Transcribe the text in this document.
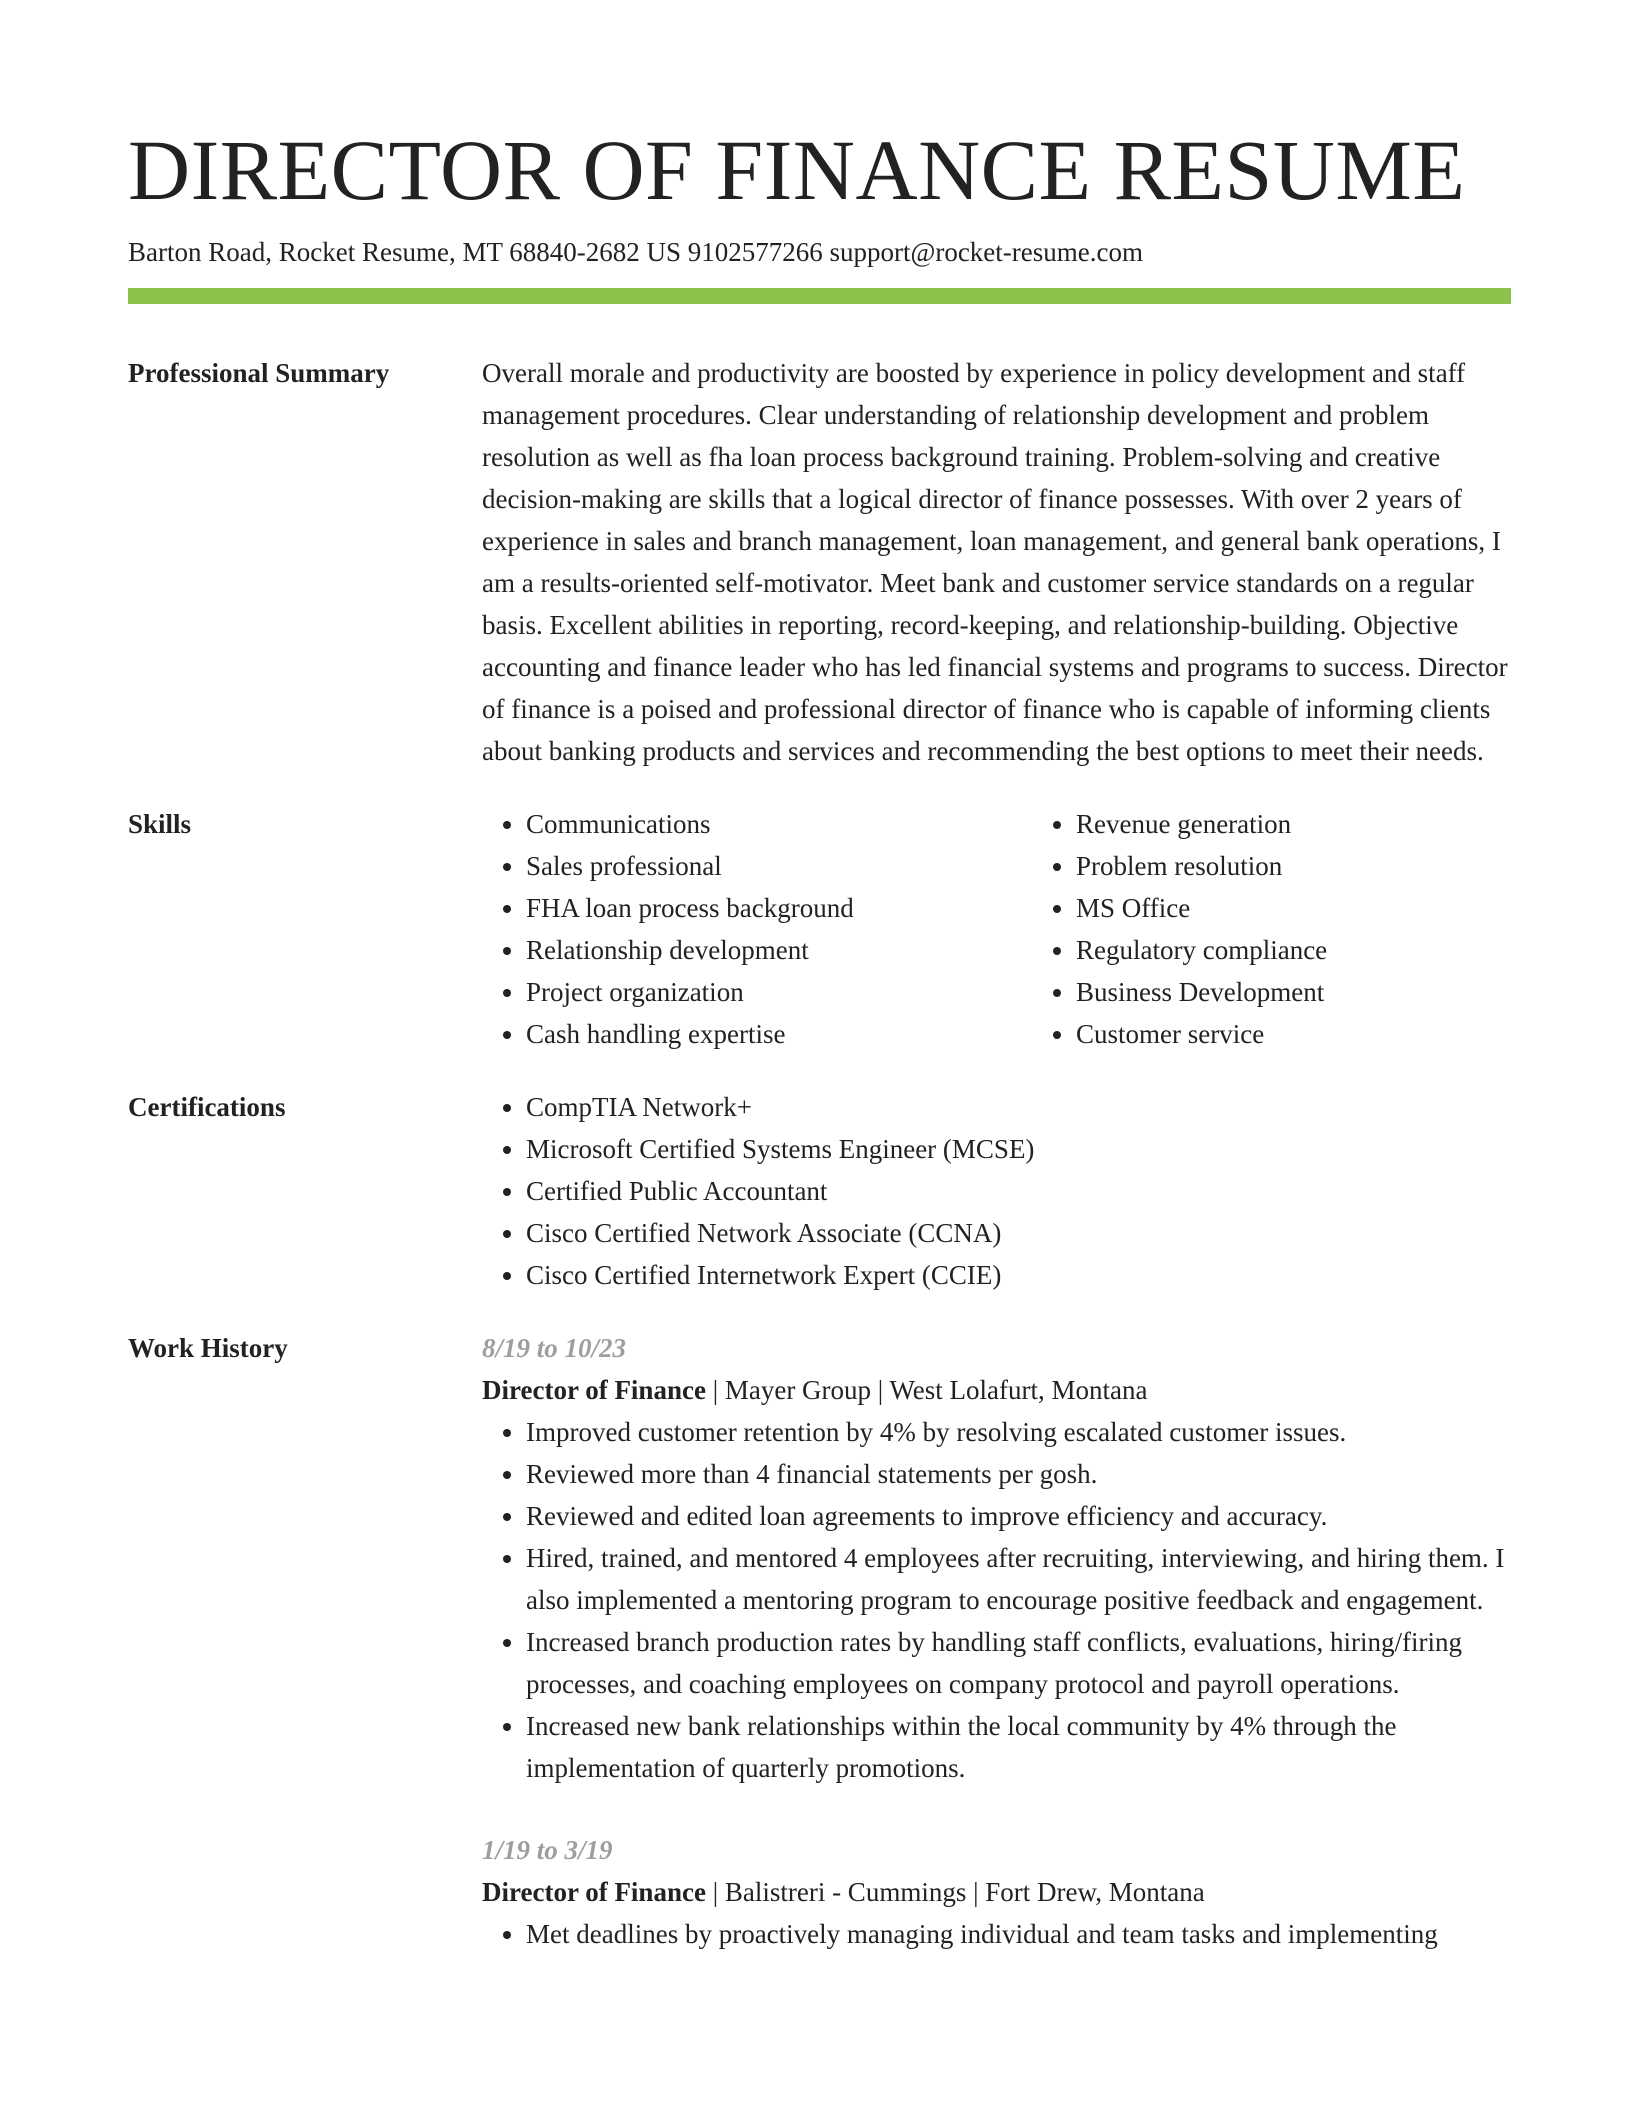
DIRECTOR OF FINANCE RESUME
Barton Road, Rocket Resume, MT 68840-2682 US 9102577266 support@rocket-resume.com
Professional Summary	Overall morale and productivity are boosted by experience in policy development and staff management procedures. Clear understanding of relationship development and problem resolution as well as fha loan process background training. Problem-solving and creative decision-making are skills that a logical director of finance possesses. With over 2 years of experience in sales and branch management, loan management, and general bank operations, I am a results-oriented self-motivator. Meet bank and customer service standards on a regular basis. Excellent abilities in reporting, record-keeping, and relationship-building. Objective accounting and finance leader who has led financial systems and programs to success. Director of finance is a poised and professional director of finance who is capable of informing clients about banking products and services and recommending the best options to meet their needs.

Skills	• Communications
• Sales professional
• FHA loan process background
• Relationship development
• Project organization
• Cash handling expertise
• Revenue generation
• Problem resolution
• MS Office
• Regulatory compliance
• Business Development
• Customer service
Certifications	• CompTIA Network+
• Microsoft Certified Systems Engineer (MCSE)
• Certified Public Accountant
• Cisco Certified Network Associate (CCNA)
• Cisco Certified Internetwork Expert (CCIE)
Work History	8/19 to 10/23
Director of Finance | Mayer Group | West Lolafurt, Montana
• Improved customer retention by 4% by resolving escalated customer issues.
• Reviewed more than 4 financial statements per gosh.
• Reviewed and edited loan agreements to improve efficiency and accuracy.
• Hired, trained, and mentored 4 employees after recruiting, interviewing, and hiring them. I also implemented a mentoring program to encourage positive feedback and engagement.
• Increased branch production rates by handling staff conflicts, evaluations, hiring/firing processes, and coaching employees on company protocol and payroll operations.
• Increased new bank relationships within the local community by 4% through the implementation of quarterly promotions.
1/19 to 3/19
Director of Finance | Balistreri - Cummings | Fort Drew, Montana
• Met deadlines by proactively managing individual and team tasks and implementing
